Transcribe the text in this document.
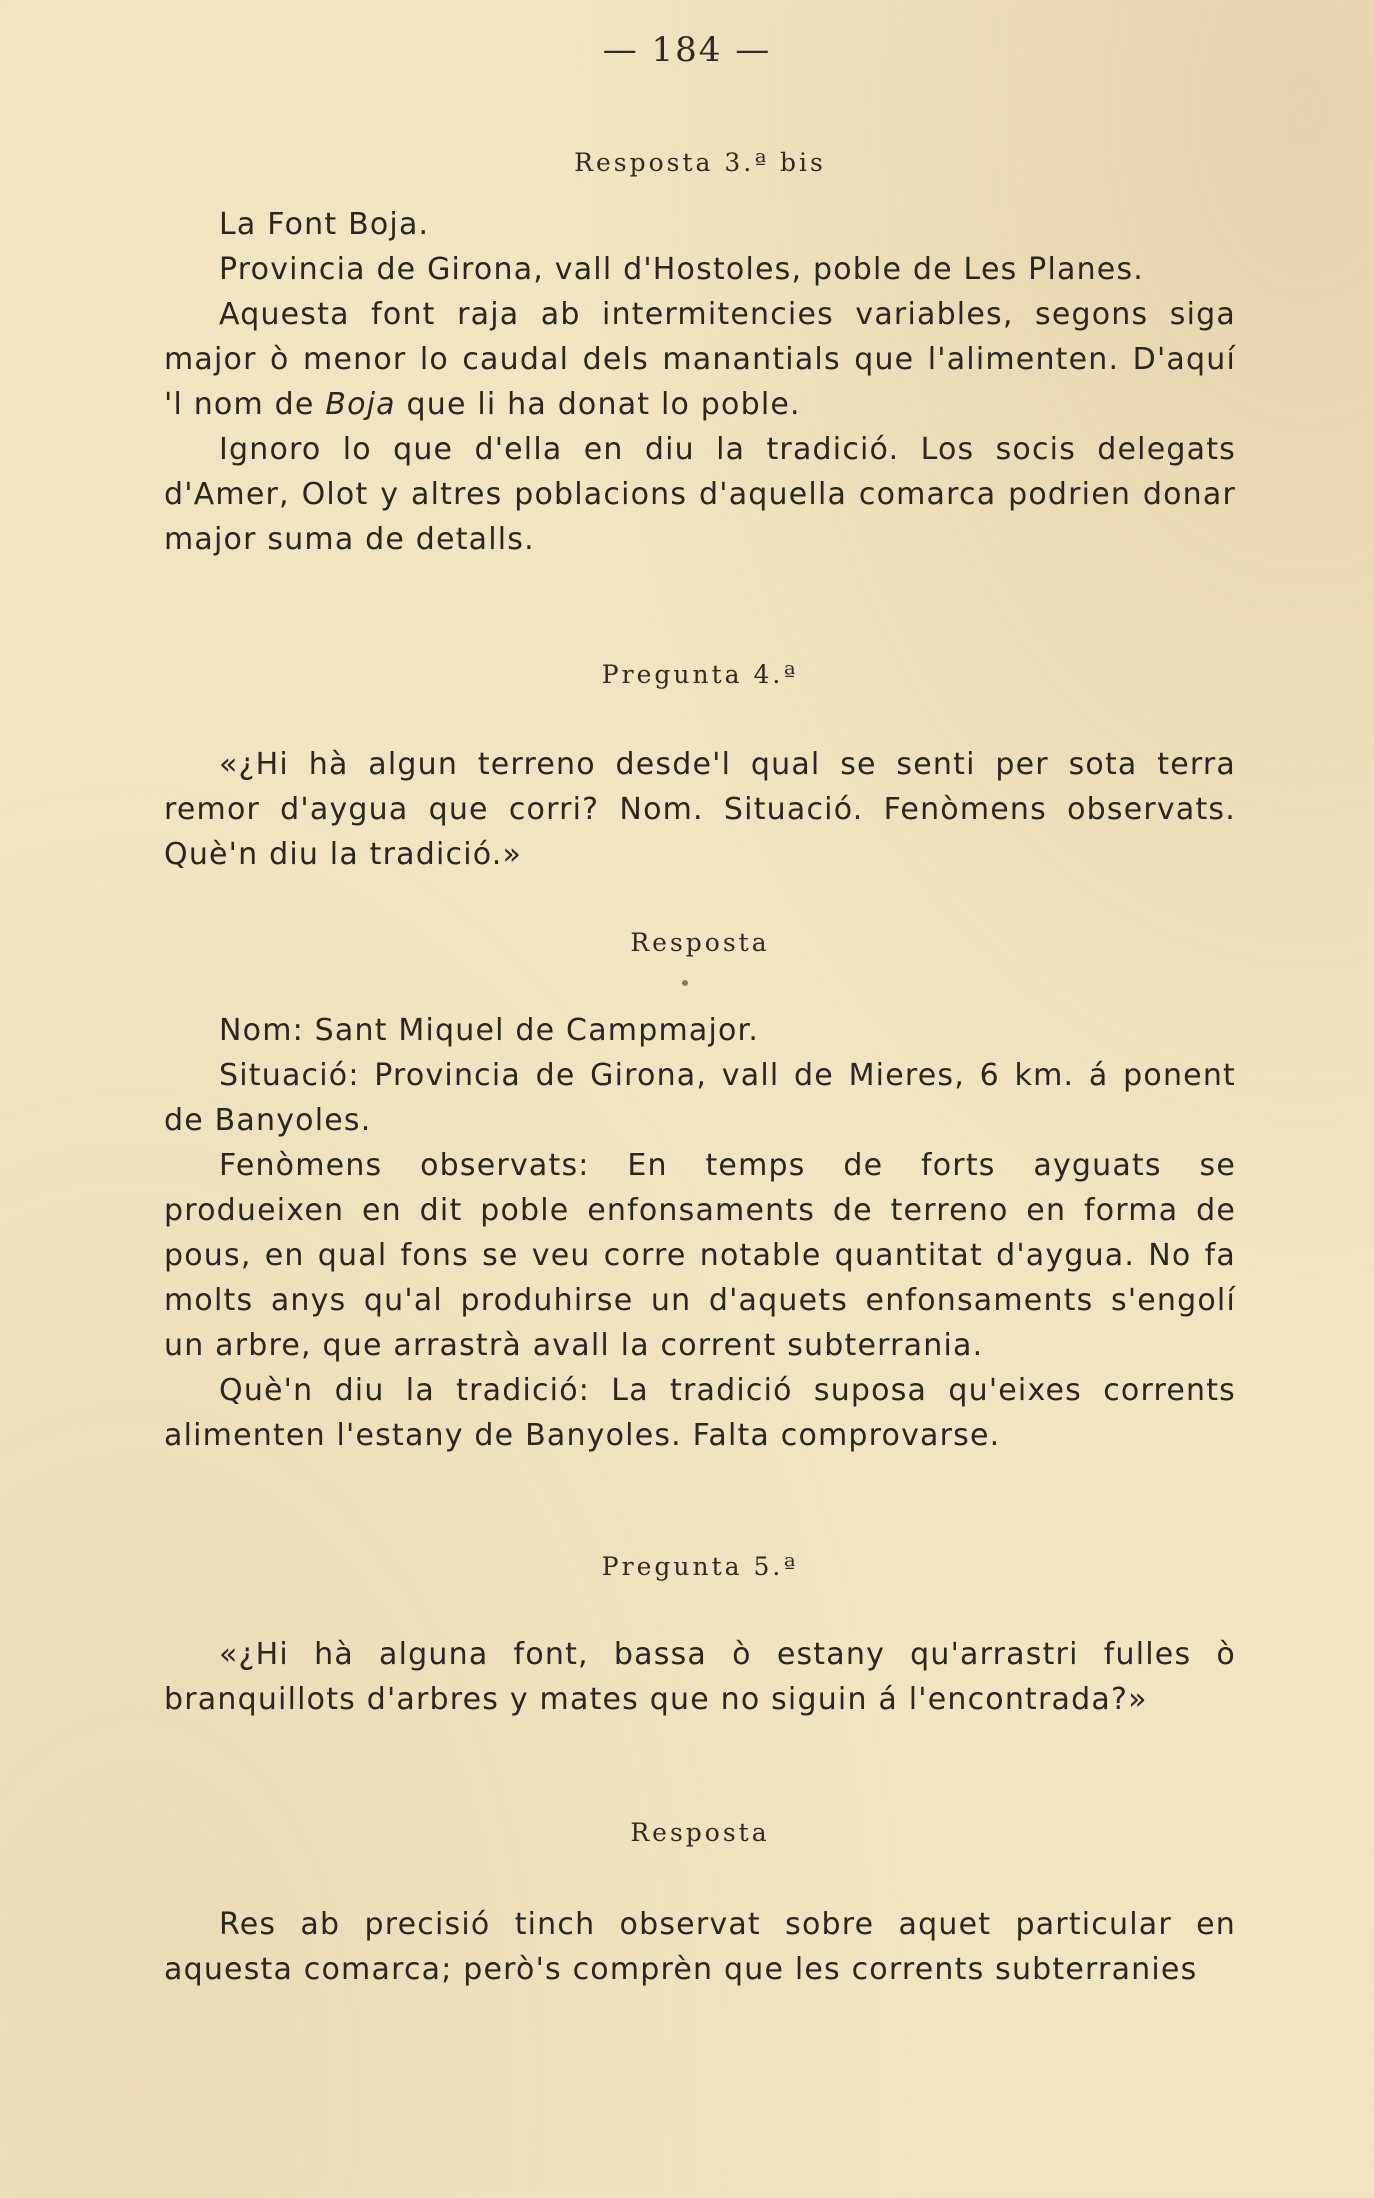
— 184 —
Resposta 3.ª bis

La Font Boja.

Provincia de Girona, vall d'Hostoles, poble de Les Planes.

Aquesta font raja ab intermitencies variables, segons siga major ò menor lo caudal dels manantials que l'alimenten. D'aquí 'l nom de Boja que li ha donat lo poble.

Ignoro lo que d'ella en diu la tradició. Los socis delegats d'Amer, Olot y altres poblacions d'aquella comarca podrien donar major suma de detalls.

Pregunta 4.ª

«¿Hi hà algun terreno desde'l qual se senti per sota terra remor d'aygua que corri? Nom. Situació. Fenòmens observats. Què'n diu la tradició.»

Resposta

Nom: Sant Miquel de Campmajor.

Situació: Provincia de Girona, vall de Mieres, 6 km. á ponent de Banyoles.

Fenòmens observats: En temps de forts ayguats se produeixen en dit poble enfonsaments de terreno en forma de pous, en qual fons se veu corre notable quantitat d'aygua. No fa molts anys qu'al produhirse un d'aquets enfonsaments s'engolí un arbre, que arrastrà avall la corrent subterrania.

Què'n diu la tradició: La tradició suposa qu'eixes corrents alimenten l'estany de Banyoles. Falta comprovarse.

Pregunta 5.ª

«¿Hi hà alguna font, bassa ò estany qu'arrastri fulles ò branquillots d'arbres y mates que no siguin á l'encontrada?»

Resposta

Res ab precisió tinch observat sobre aquet particular en aquesta comarca; però's comprèn que les corrents subterranies
